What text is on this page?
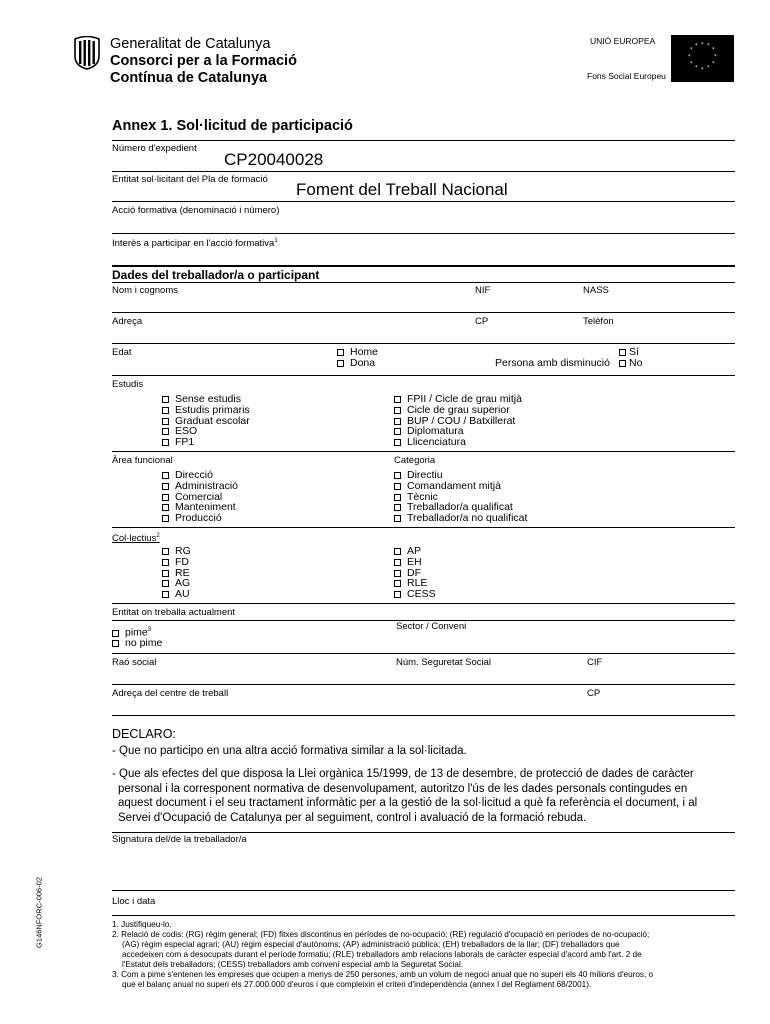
Generalitat de Catalunya
Consorci per a la Formació
Contínua de Catalunya
UNIÓ EUROPEA
Fons Social Europeu
* *
*
*
*
*
*
*
*
*
*
*
Annex 1. Sol·licitud de participació
Número d'expedient
CP20040028
Entitat sol·licitant del Pla de formació
Foment del Treball Nacional
Acció formativa (denominació i número)
Interès a participar en l'acció formativa$^1$
Dades del treballador/a o participant
Nom i cognoms	NIF	NASS
Adreça	CP	Telèfon
Edat	Home
Dona	Persona amb disminució
Sí
No
Estudis
Sense estudis
Estudis primaris
Graduat escolar
ESO
FP1
FPII / Cicle de grau mitjà
Cicle de grau superior
BUP / COU / Batxillerat
Diplomatura
Llicenciatura
Àrea funcional	Categoria
Direcció
Administració
Comercial
Manteniment
Producció
Directiu
Comandament mitjà
Tècnic
Treballador/a qualificat
Treballador/a no qualificat
Col·lectius$^2$
RG
FD
RE
AG
AU
AP
EH
DF
RLE
CESS
Entitat on treballa actualment
pime$^3$
no pime
Sector / Conveni
Raó social	Núm. Seguretat Social	CIF
Adreça del centre de treball	CP
DECLARO:
- Que no participo en una altra acció formativa similar a la sol·licitada.
- Que als efectes del que disposa la Llei orgànica 15/1999, de 13 de desembre, de protecció de dades de caràcter
personal i la corresponent normativa de desenvolupament, autoritzo l'ús de les dades personals contingudes en
aquest document i el seu tractament informàtic per a la gestió de la sol·licitud a què fa referència el document, i al
Servei d'Ocupació de Catalunya per al seguiment, control i avaluació de la formació rebuda.
Signatura del/de la treballador/a
Lloc i data
G146NFORC-006-02	1. Justifiqueu-lo.
2. Relació de codis: (RG) règim general; (FD) fitxes discontinus en períodes de no-ocupació; (RE) regulació d'ocupació en períodes de no-ocupació;
(AG) règim especial agrari; (AU) règim especial d'autònoms; (AP) administració pública; (EH) treballadors de la llar; (DF) treballadors que
accedeixen com a desocupats durant el període formatiu; (RLE) treballadors amb relacions laborals de caràcter especial d'acord amb l'art. 2 de
l'Estatut dels treballadors; (CESS) treballadors amb conveni especial amb la Seguretat Social.
3. Com a pime s'entenen les empreses que ocupen a menys de 250 persones, amb un volum de negoci anual que no superi els 40 milions d'euros, o
que el balanç anual no superi els 27.000.000 d'euros i que compleixin el criteri d'independència (annex I del Reglament 68/2001).
